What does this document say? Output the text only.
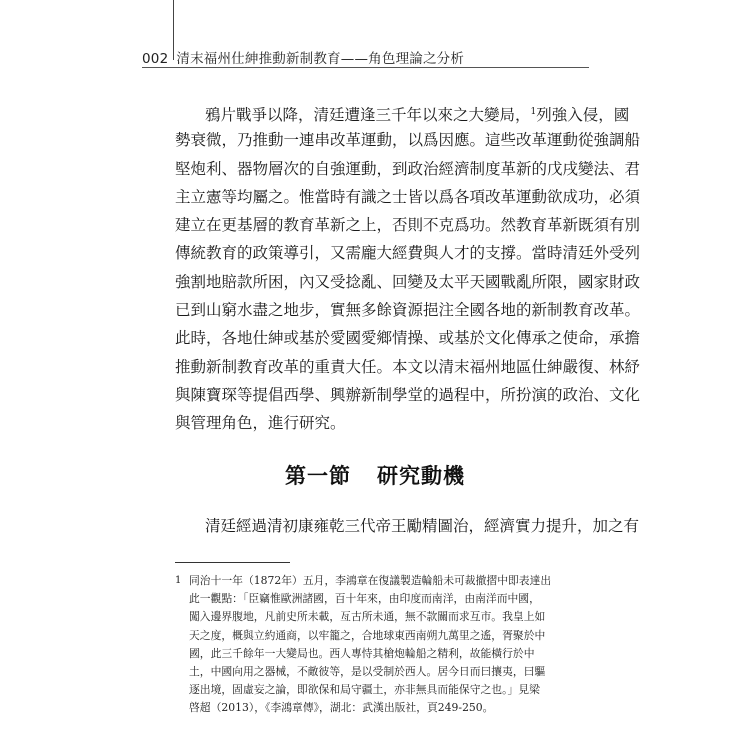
002 清末福州仕紳推動新制教育——角色理論之分析
鴉片戰爭以降，清廷遭逢三千年以來之大變局，$^1$列強入侵，國
勢衰微，乃推動一連串改革運動，以爲因應。這些改革運動從強調船
堅炮利、器物層次的自強運動，到政治經濟制度革新的戊戌變法、君
主立憲等均屬之。惟當時有識之士皆以爲各項改革運動欲成功，必須
建立在更基層的教育革新之上，否則不克爲功。然教育革新既須有別
傳統教育的政策導引，又需龐大經費與人才的支撐。當時清廷外受列
強割地賠款所困，內又受捻亂、回變及太平天國戰亂所限，國家財政
已到山窮水盡之地步，實無多餘資源挹注全國各地的新制教育改革。
此時，各地仕紳或基於愛國愛鄉情操、或基於文化傳承之使命，承擔
推動新制教育改革的重責大任。本文以清末福州地區仕紳嚴復、林紓
與陳寶琛等提倡西學、興辦新制學堂的過程中，所扮演的政治、文化
與管理角色，進行研究。
第一節 研究動機
清廷經過清初康雍乾三代帝王勵精圖治，經濟實力提升，加之有
1 同治十一年（1872年）五月，李鴻章在復議製造輪船未可裁撤摺中即表達出
此一觀點：「臣竊惟歐洲諸國，百十年來，由印度而南洋，由南洋而中國，
闖入邊界腹地，凡前史所未載，亙古所未通，無不款關而求互市。我皇上如
天之度，概與立約通商，以牢籠之，合地球東西南朔九萬里之遙，胥聚於中
國，此三千餘年一大變局也。西人專恃其槍炮輪船之精利，故能橫行於中
土，中國向用之器械，不敵彼等，是以受制於西人。居今日而曰攘夷，曰驅
逐出境，固虛妄之論，即欲保和局守疆土，亦非無具而能保守之也。」見梁
啓超（2013），《李鴻章傳》，湖北：武漢出版社，頁249-250。
